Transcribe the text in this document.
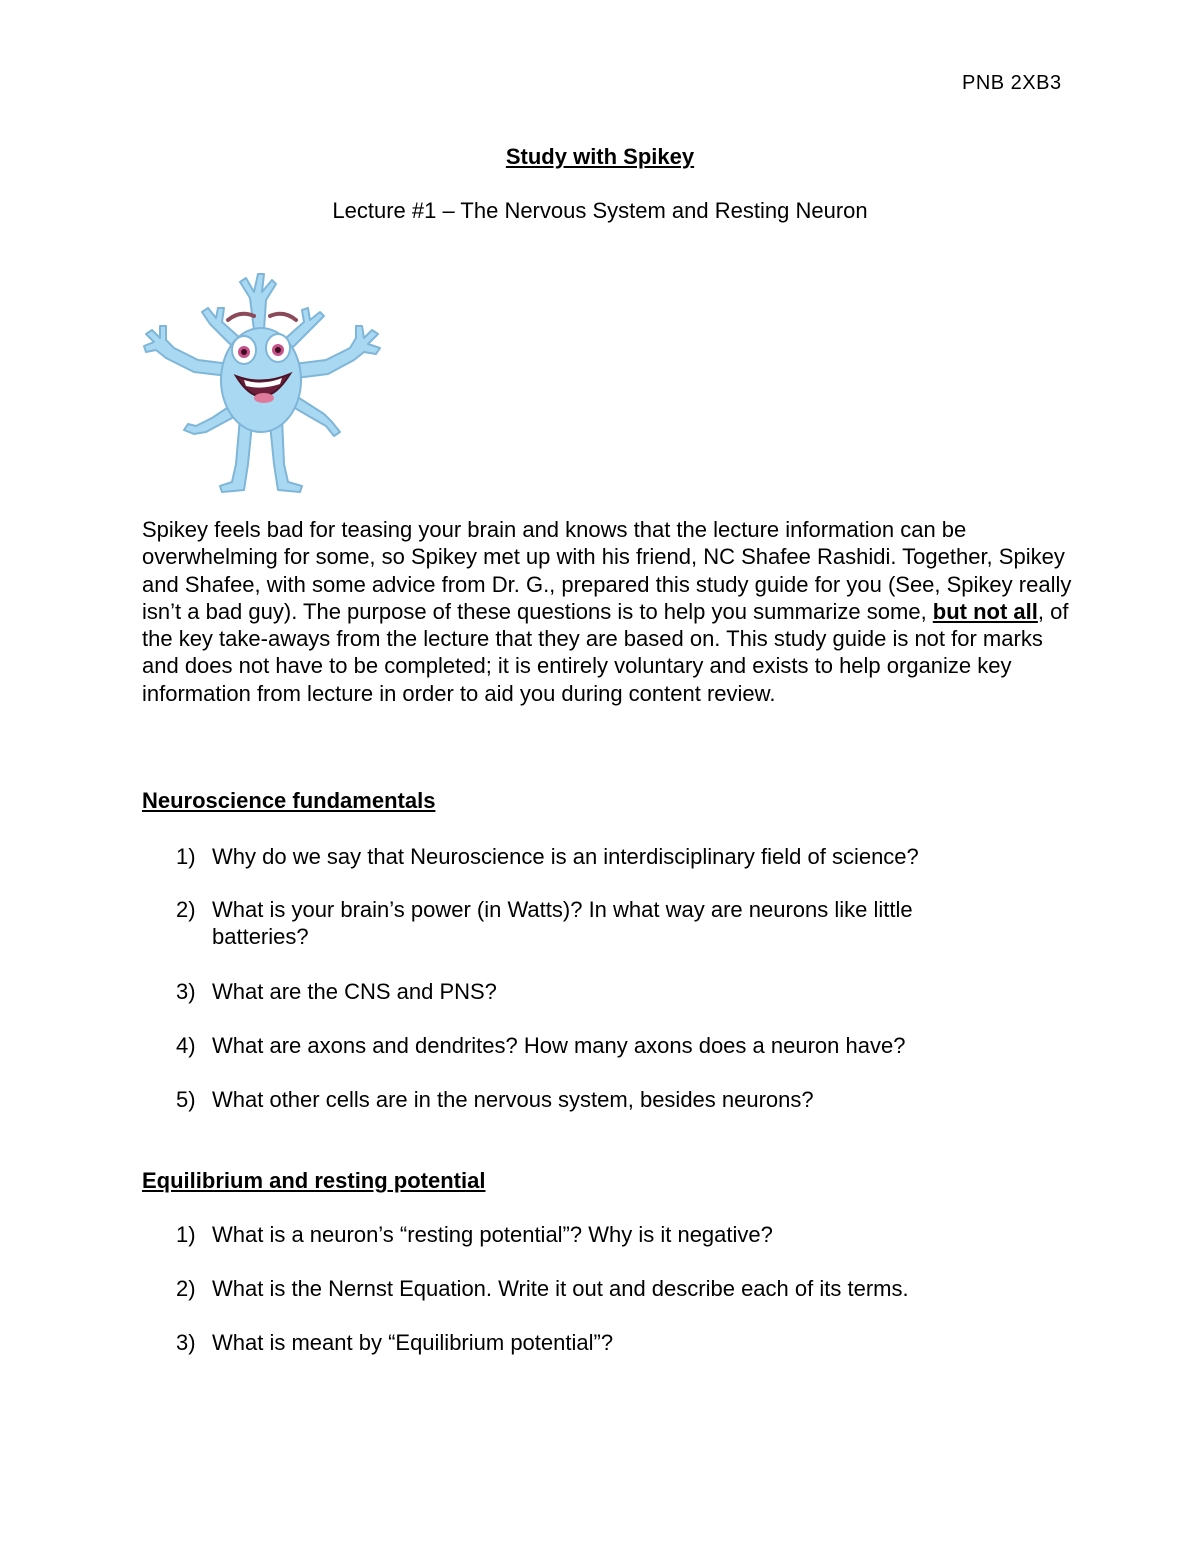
PNB 2XB3
Study with Spikey
Lecture #1 – The Nervous System and Resting Neuron

Spikey feels bad for teasing your brain and knows that the lecture information can be overwhelming for some, so Spikey met up with his friend, NC Shafee Rashidi. Together, Spikey and Shafee, with some advice from Dr. G., prepared this study guide for you (See, Spikey really isn’t a bad guy). The purpose of these questions is to help you summarize some, but not all, of the key take-aways from the lecture that they are based on. This study guide is not for marks and does not have to be completed; it is entirely voluntary and exists to help organize key information from lecture in order to aid you during content review.

Neuroscience fundamentals
1) Why do we say that Neuroscience is an interdisciplinary field of science?
2) What is your brain’s power (in Watts)? In what way are neurons like little batteries?
3) What are the CNS and PNS?
4) What are axons and dendrites? How many axons does a neuron have?
5) What other cells are in the nervous system, besides neurons?
Equilibrium and resting potential
1) What is a neuron’s “resting potential”? Why is it negative?
2) What is the Nernst Equation. Write it out and describe each of its terms.
3) What is meant by “Equilibrium potential”?
